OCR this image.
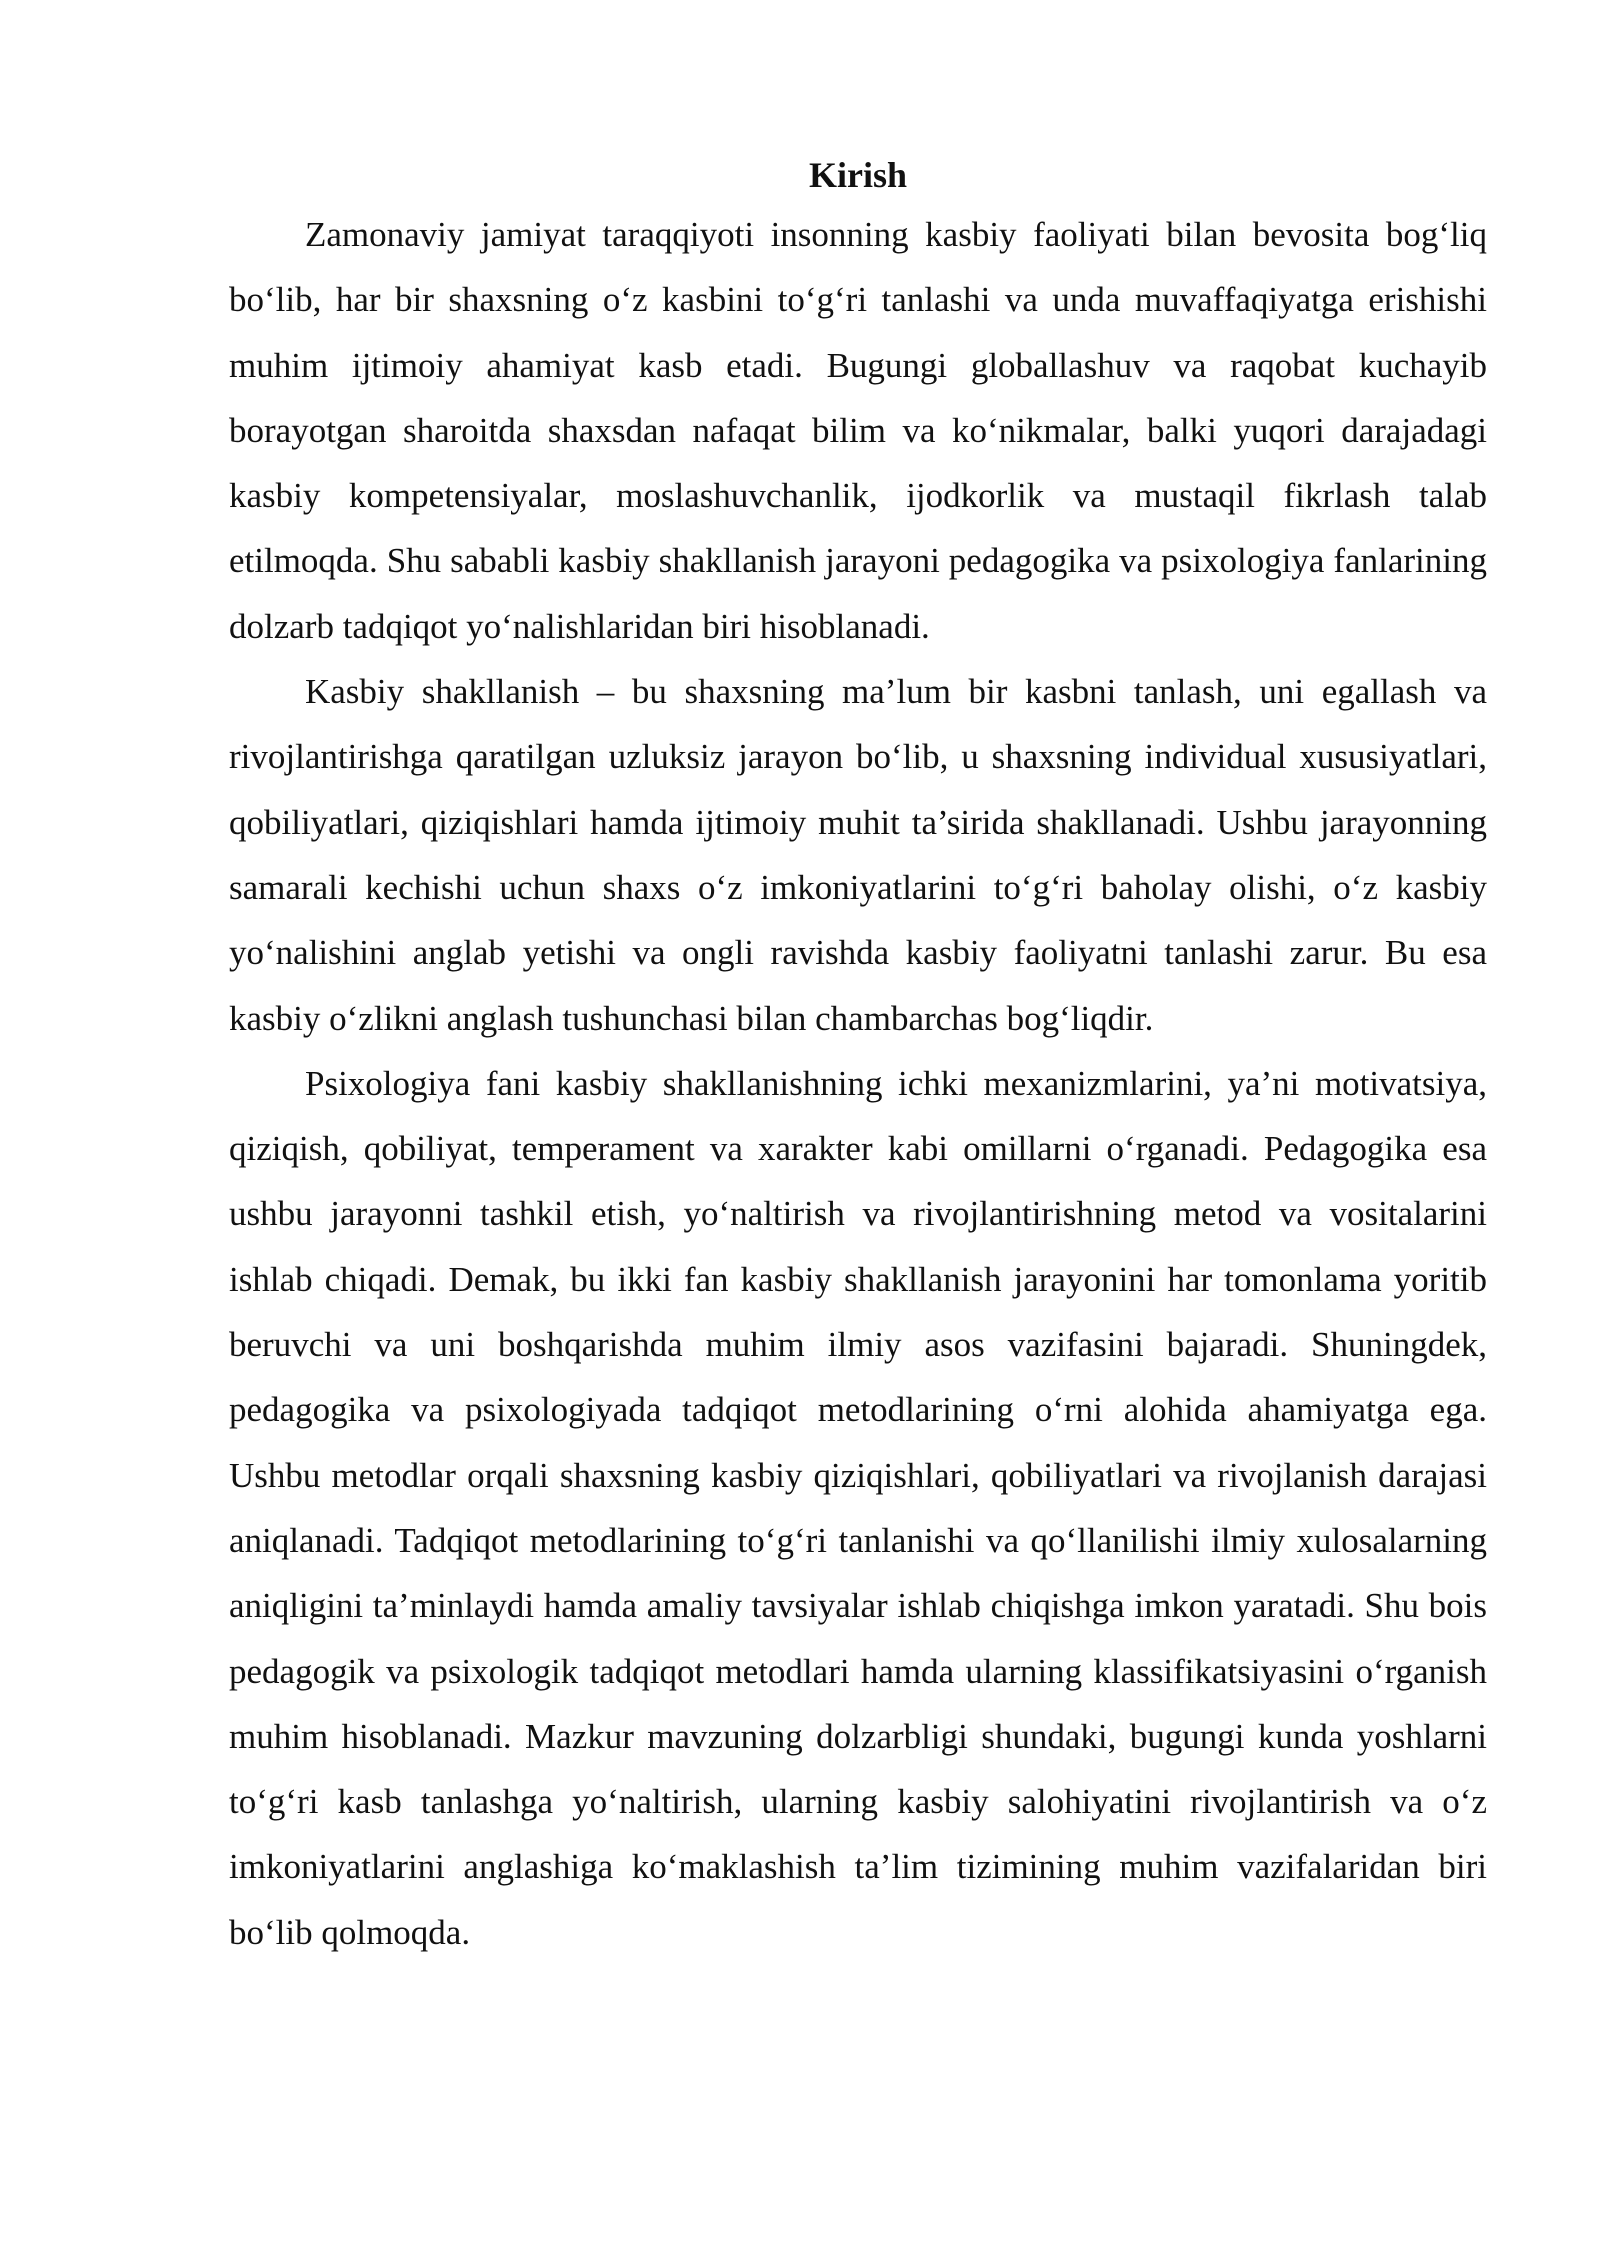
Kirish

Zamonaviy jamiyat taraqqiyoti insonning kasbiy faoliyati bilan bevosita bog‘liq bo‘lib, har bir shaxsning o‘z kasbini to‘g‘ri tanlashi va unda muvaffaqiyatga erishishi muhim ijtimoiy ahamiyat kasb etadi. Bugungi globallashuv va raqobat kuchayib borayotgan sharoitda shaxsdan nafaqat bilim va ko‘nikmalar, balki yuqori darajadagi kasbiy kompetensiyalar, moslashuvchanlik, ijodkorlik va mustaqil fikrlash talab etilmoqda. Shu sababli kasbiy shakllanish jarayoni pedagogika va psixologiya fanlarining dolzarb tadqiqot yo‘nalishlaridan biri hisoblanadi.

Kasbiy shakllanish – bu shaxsning ma’lum bir kasbni tanlash, uni egallash va rivojlantirishga qaratilgan uzluksiz jarayon bo‘lib, u shaxsning individual xususiyatlari, qobiliyatlari, qiziqishlari hamda ijtimoiy muhit ta’sirida shakllanadi. Ushbu jarayonning samarali kechishi uchun shaxs o‘z imkoniyatlarini to‘g‘ri baholay olishi, o‘z kasbiy yo‘nalishini anglab yetishi va ongli ravishda kasbiy faoliyatni tanlashi zarur. Bu esa kasbiy o‘zlikni anglash tushunchasi bilan chambarchas bog‘liqdir.

Psixologiya fani kasbiy shakllanishning ichki mexanizmlarini, ya’ni motivatsiya, qiziqish, qobiliyat, temperament va xarakter kabi omillarni o‘rganadi. Pedagogika esa ushbu jarayonni tashkil etish, yo‘naltirish va rivojlantirishning metod va vositalarini ishlab chiqadi. Demak, bu ikki fan kasbiy shakllanish jarayonini har tomonlama yoritib beruvchi va uni boshqarishda muhim ilmiy asos vazifasini bajaradi. Shuningdek, pedagogika va psixologiyada tadqiqot metodlarining o‘rni alohida ahamiyatga ega. Ushbu metodlar orqali shaxsning kasbiy qiziqishlari, qobiliyatlari va rivojlanish darajasi aniqlanadi. Tadqiqot metodlarining to‘g‘ri tanlanishi va qo‘llanilishi ilmiy xulosalarning aniqligini ta’minlaydi hamda amaliy tavsiyalar ishlab chiqishga imkon yaratadi. Shu bois pedagogik va psixologik tadqiqot metodlari hamda ularning klassifikatsiyasini o‘rganish muhim hisoblanadi. Mazkur mavzuning dolzarbligi shundaki, bugungi kunda yoshlarni to‘g‘ri kasb tanlashga yo‘naltirish, ularning kasbiy salohiyatini rivojlantirish va o‘z imkoniyatlarini anglashiga ko‘maklashish ta’lim tizimining muhim vazifalaridan biri bo‘lib qolmoqda.
